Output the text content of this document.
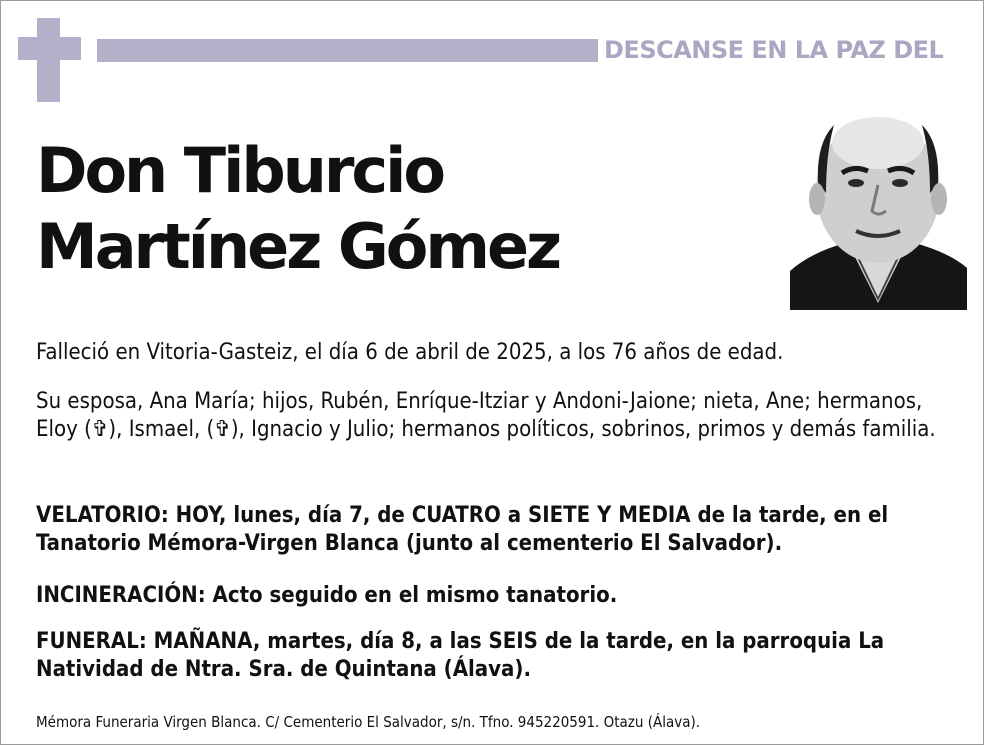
DESCANSE EN LA PAZ DEL
Don Tiburcio
Martínez Gómez

Falleció en Vitoria-Gasteiz, el día 6 de abril de 2025, a los 76 años de edad.

Su esposa, Ana María; hijos, Rubén, Enríque-Itziar y Andoni-Jaione; nieta, Ane; hermanos, Eloy (✞), Ismael, (✞), Ignacio y Julio; hermanos políticos, sobrinos, primos y demás familia.

VELATORIO: HOY, lunes, día 7, de CUATRO a SIETE Y MEDIA de la tarde, en el Tanatorio Mémora-Virgen Blanca (junto al cementerio El Salvador).

INCINERACIÓN: Acto seguido en el mismo tanatorio.

FUNERAL: MAÑANA, martes, día 8, a las SEIS de la tarde, en la parroquia La Natividad de Ntra. Sra. de Quintana (Álava).

Mémora Funeraria Virgen Blanca. C/ Cementerio El Salvador, s/n. Tfno. 945220591. Otazu (Álava).
